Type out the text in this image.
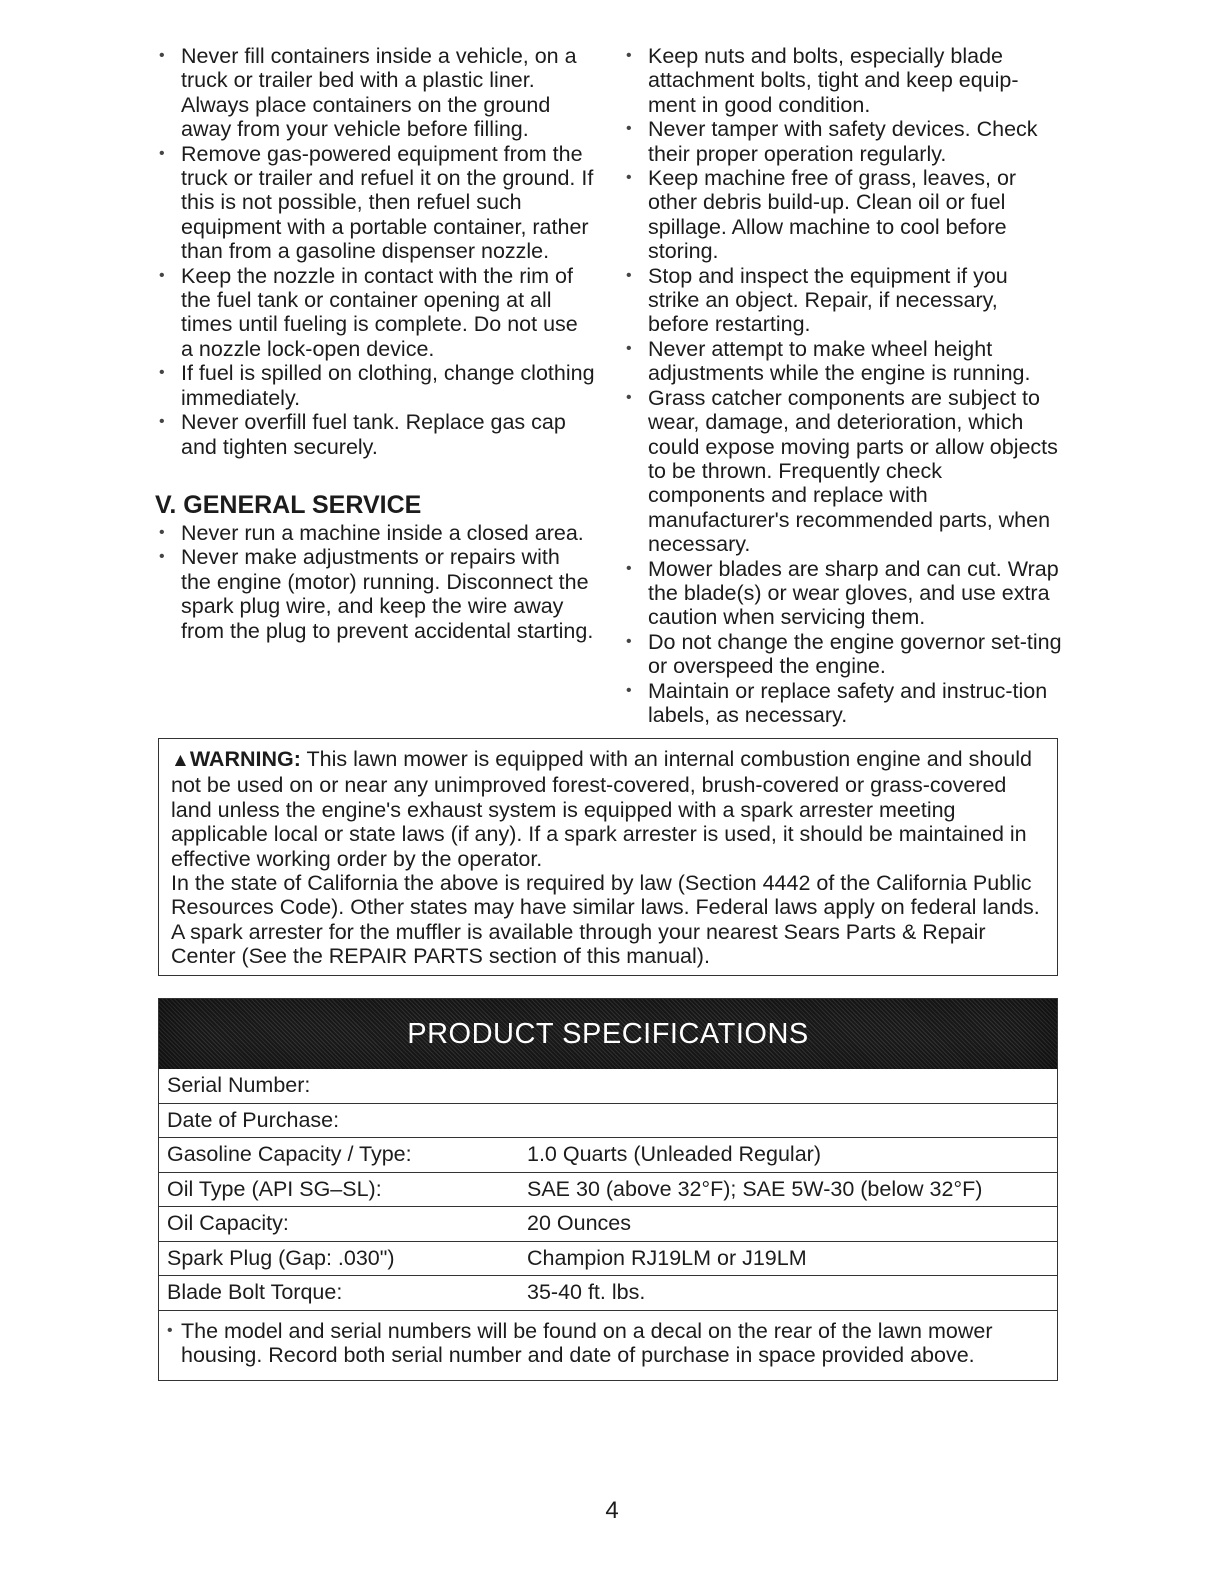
• Never fill containers inside a vehicle, on a truck or trailer bed with a plastic liner. Always place containers on the ground away from your vehicle before filling.
• Remove gas-powered equipment from the truck or trailer and refuel it on the ground. If this is not possible, then refuel such equipment with a portable container, rather than from a gasoline dispenser nozzle.
• Keep the nozzle in contact with the rim of the fuel tank or container opening at all times until fueling is complete. Do not use a nozzle lock-open device.
• If fuel is spilled on clothing, change clothing immediately.
• Never overfill fuel tank. Replace gas cap and tighten securely.
V. GENERAL SERVICE
• Never run a machine inside a closed area.
• Never make adjustments or repairs with the engine (motor) running. Disconnect the spark plug wire, and keep the wire away from the plug to prevent accidental starting.
• Keep nuts and bolts, especially blade attachment bolts, tight and keep equip-ment in good condition.
• Never tamper with safety devices. Check their proper operation regularly.
• Keep machine free of grass, leaves, or other debris build-up. Clean oil or fuel spillage. Allow machine to cool before storing.
• Stop and inspect the equipment if you strike an object. Repair, if necessary, before restarting.
• Never attempt to make wheel height adjustments while the engine is running.
• Grass catcher components are subject to wear, damage, and deterioration, which could expose moving parts or allow objects to be thrown. Frequently check components and replace with manufacturer's recommended parts, when necessary.
• Mower blades are sharp and can cut. Wrap the blade(s) or wear gloves, and use extra caution when servicing them.
• Do not change the engine governor set-ting or overspeed the engine.
• Maintain or replace safety and instruc-tion labels, as necessary.
▲WARNING: This lawn mower is equipped with an internal combustion engine and should not be used on or near any unimproved forest-covered, brush-covered or grass-covered land unless the engine's exhaust system is equipped with a spark arrester meeting applicable local or state laws (if any). If a spark arrester is used, it should be maintained in effective working order by the operator.
In the state of California the above is required by law (Section 4442 of the California Public Resources Code). Other states may have similar laws. Federal laws apply on federal lands. A spark arrester for the muffler is available through your nearest Sears Parts & Repair Center (See the REPAIR PARTS section of this manual).
PRODUCT SPECIFICATIONS
Serial Number:
Date of Purchase:
Gasoline Capacity / Type:	1.0 Quarts (Unleaded Regular)
Oil Type (API SG–SL):	SAE 30 (above 32°F); SAE 5W-30 (below 32°F)
Oil Capacity:	20 Ounces
Spark Plug (Gap: .030")	Champion RJ19LM or J19LM
Blade Bolt Torque:	35-40 ft. lbs.
• The model and serial numbers will be found on a decal on the rear of the lawn mower housing. Record both serial number and date of purchase in space provided above.
4
